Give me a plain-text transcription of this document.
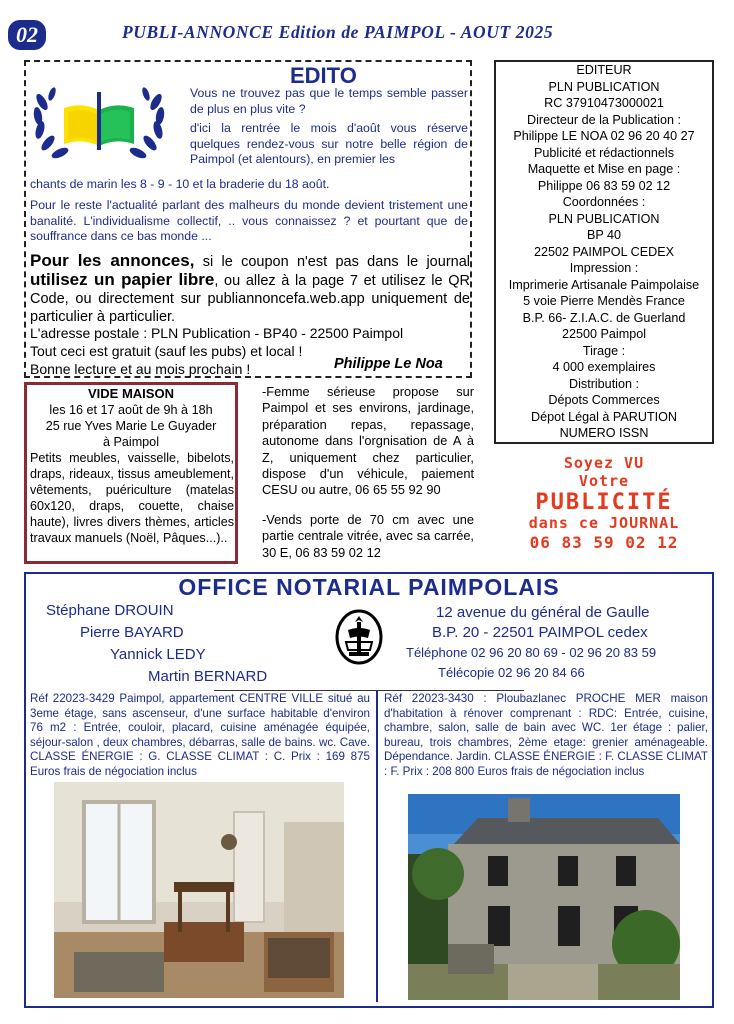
02	PUBLI-ANNONCE Edition de PAIMPOL - AOUT 2025
EDITO
Vous ne trouvez pas que le temps semble passer de plus en plus vite ?
d'ici la rentrée le mois d'août vous réserve quelques rendez-vous sur notre belle région de Paimpol (et alentours), en premier les
chants de marin les 8 - 9 - 10 et la braderie du 18 août.
Pour le reste l'actualité parlant des malheurs du monde devient tristement une banalité. L'individualisme collectif, .. vous connaissez ? et pourtant que de souffrance dans ce bas monde ...
Pour les annonces, si le coupon n'est pas dans le journal utilisez un papier libre, ou allez à la page 7 et utilisez le QR Code, ou directement sur publiannoncefa.web.app uniquement de particulier à particulier.
L'adresse postale : PLN Publication - BP40 - 22500 Paimpol
Tout ceci est gratuit (sauf les pubs) et local !
Bonne lecture et au mois prochain !	Philippe Le Noa
EDITEUR
PLN PUBLICATION
RC 37910473000021
Directeur de la Publication :
Philippe LE NOA 02 96 20 40 27
Publicité et rédactionnels
Maquette et Mise en page :
Philippe 06 83 59 02 12
Coordonnées :
PLN PUBLICATION
BP 40
22502 PAIMPOL CEDEX
Impression :
Imprimerie Artisanale Paimpolaise
5 voie Pierre Mendès France
B.P. 66- Z.I.A.C. de Guerland
22500 Paimpol
Tirage :
4 000 exemplaires
Distribution :
Dépots Commerces
Dépot Légal à PARUTION
NUMERO ISSN
Soyez VU
Votre
PUBLICITÉ
dans ce JOURNAL
06 83 59 02 12
VIDE MAISON
les 16 et 17 août de 9h à 18h
25 rue Yves Marie Le Guyader
à Paimpol
Petits meubles, vaisselle, bibelots, draps, rideaux, tissus ameublement, vêtements, puériculture (matelas 60x120, draps, couette, chaise haute), livres divers thèmes, articles travaux manuels (Noël, Pâques...)..
-Femme sérieuse propose sur Paimpol et ses environs, jardinage, préparation repas, repassage, autonome dans l'orgnisation de A à Z, uniquement chez particulier, dispose d'un véhicule, paiement CESU ou autre, 06 65 55 92 90
-Vends porte de 70 cm avec une partie centrale vitrée, avec sa carrée, 30 E, 06 83 59 02 12
OFFICE NOTARIAL PAIMPOLAIS
Stéphane DROUIN
Pierre BAYARD
Yannick LEDY
Martin BERNARD
12 avenue du général de Gaulle
B.P. 20 - 22501 PAIMPOL cedex
Téléphone 02 96 20 80 69 - 02 96 20 83 59
Télécopie 02 96 20 84 66
Réf 22023-3429 Paimpol, appartement CENTRE VILLE situé au 3eme étage, sans ascenseur, d'une surface habitable d'environ 76 m2 : Entrée, couloir, placard, cuisine aménagée équipée, séjour-salon , deux chambres, débarras, salle de bains. wc. Cave. CLASSE ÉNERGIE : G. CLASSE CLIMAT : C. Prix : 169 875 Euros frais de négociation inclus
Réf 22023-3430 : Ploubazlanec PROCHE MER maison d'habitation à rénover comprenant : RDC: Entrée, cuisine, chambre, salon, salle de bain avec WC. 1er étage : palier, bureau, trois chambres, 2ème etage: grenier aménageable. Dépendance. Jardin. CLASSE ÉNERGIE : F. CLASSE CLIMAT : F. Prix : 208 800 Euros frais de négociation inclus
